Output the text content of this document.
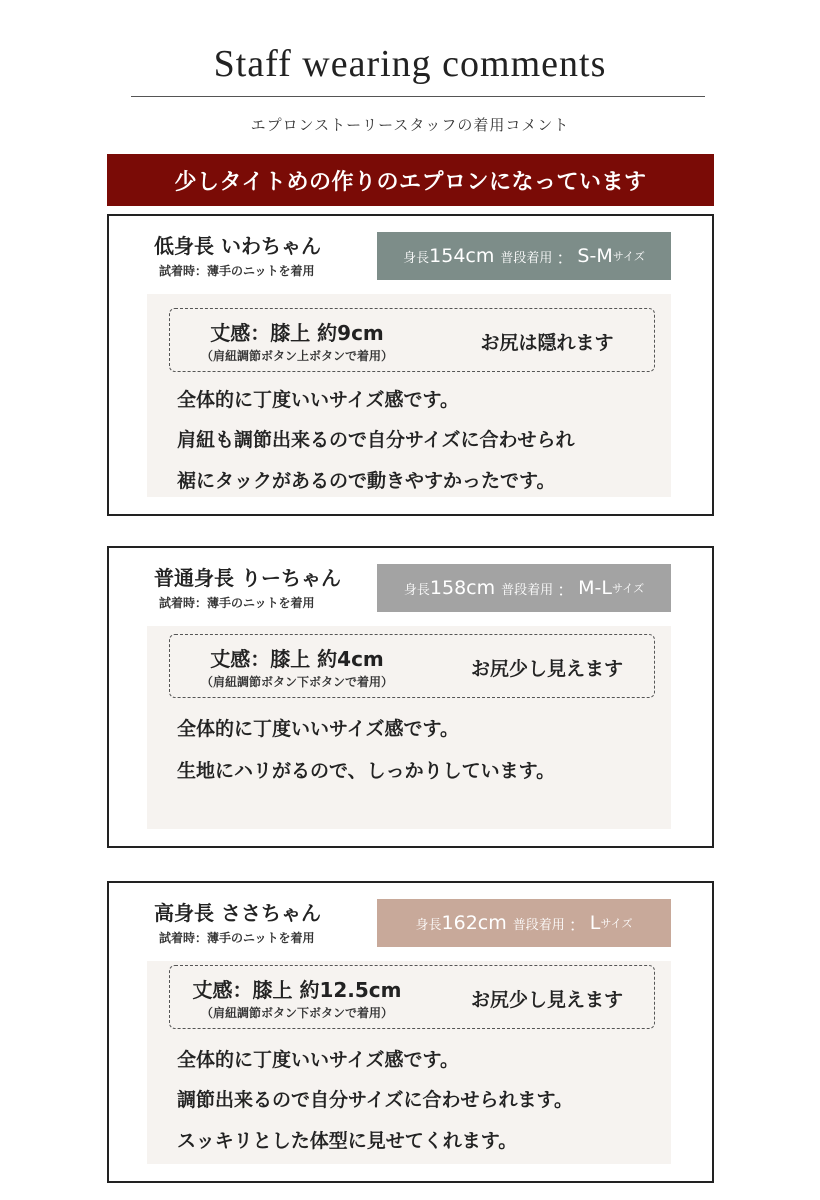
Staff wearing comments
エプロンストーリースタッフの着用コメント
少しタイトめの作りのエプロンになっています
低身長 いわちゃん
試着時：薄手のニットを着用
身長 154cm 普段着用 ： S-M サイズ
丈感：膝上 約9cm
（肩紐調節ボタン上ボタンで着用）
お尻は隠れます
全体的に丁度いいサイズ感です。
肩紐も調節出来るので自分サイズに合わせられ
裾にタックがあるので動きやすかったです。
普通身長 りーちゃん
試着時：薄手のニットを着用
身長 158cm 普段着用 ： M-L サイズ
丈感：膝上 約4cm
（肩紐調節ボタン下ボタンで着用）
お尻少し見えます
全体的に丁度いいサイズ感です。
生地にハリがるので、しっかりしています。
高身長 ささちゃん
試着時：薄手のニットを着用
身長 162cm 普段着用 ： L サイズ
丈感：膝上 約12.5cm
（肩紐調節ボタン下ボタンで着用）
お尻少し見えます
全体的に丁度いいサイズ感です。
調節出来るので自分サイズに合わせられます。
スッキリとした体型に見せてくれます。
